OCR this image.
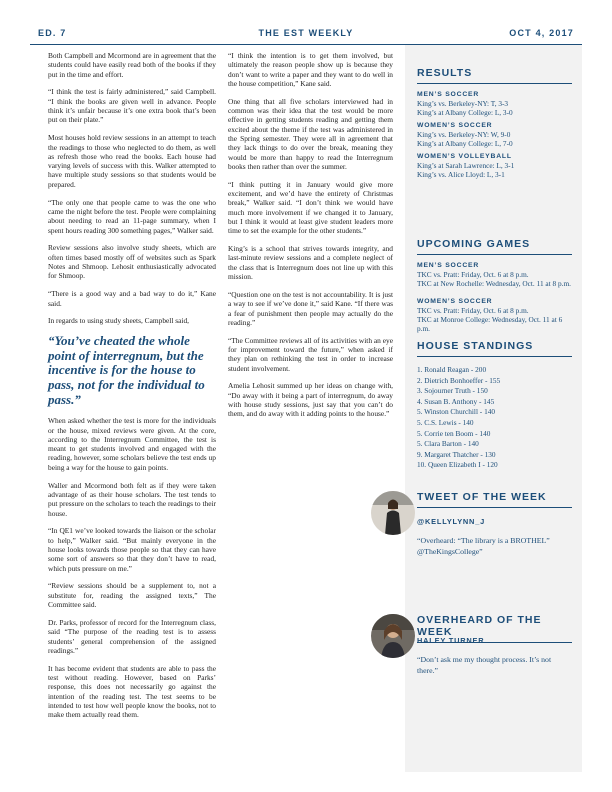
ED. 7	THE EST WEEKLY	OCT 4, 2017

Both Campbell and Mcormond are in agreement that the students could have easily read both of the books if they put in the time and effort.

“I think the test is fairly administered,” said Campbell. “I think the books are given well in advance. People think it’s unfair because it’s one extra book that’s been put on their plate.”

Most houses hold review sessions in an attempt to teach the readings to those who neglected to do them, as well as refresh those who read the books. Each house had varying levels of success with this. Walker attempted to have multiple study sessions so that students would be prepared.

“The only one that people came to was the one who came the night before the test. People were complaining about needing to read an 11-page summary, when I spent hours reading 300 something pages,” Walker said.

Review sessions also involve study sheets, which are often times based mostly off of websites such as Spark Notes and Shmoop. Lehosit enthusiastically advocated for Shmoop.

“There is a good way and a bad way to do it,” Kane said.

In regards to using study sheets, Campbell said,

“You’ve cheated the whole point of interregnum, but the incentive is for the house to pass, not for the individual to pass.”

When asked whether the test is more for the individuals or the house, mixed reviews were given. At the core, according to the Interregnum Committee, the test is meant to get students involved and engaged with the reading, however, some scholars believe the test ends up being a way for the house to gain points.

Waller and Mcormond both felt as if they were taken advantage of as their house scholars. The test tends to put pressure on the scholars to teach the readings to their house.

“In QE1 we’ve looked towards the liaison or the scholar to help,” Walker said. “But mainly everyone in the house looks towards those people so that they can have some sort of answers so that they don’t have to read, which puts pressure on me.”

“Review sessions should be a supplement to, not a substitute for, reading the assigned texts,” The Committee said.

Dr. Parks, professor of record for the Interregnum class, said “The purpose of the reading test is to assess students’ general comprehension of the assigned readings.”

It has become evident that students are able to pass the test without reading. However, based on Parks’ response, this does not necessarily go against the intention of the reading test. The test seems to be intended to test how well people know the books, not to make them actually read them.

“I think the intention is to get them involved, but ultimately the reason people show up is because they don’t want to write a paper and they want to do well in the house competition,” Kane said.

One thing that all five scholars interviewed had in common was their idea that the test would be more effective in getting students reading and getting them excited about the theme if the test was administered in the Spring semester. They were all in agreement that they lack things to do over the break, meaning they would be more than happy to read the Interregnum books then rather than over the summer.

“I think putting it in January would give more excitement, and we’d have the entirety of Christmas break,” Walker said. “I don’t think we would have much more involvement if we changed it to January, but I think it would at least give student leaders more time to set the example for the other students.”

King’s is a school that strives towards integrity, and last-minute review sessions and a complete neglect of the class that is Interregnum does not line up with this mission.

“Question one on the test is not accountability. It is just a way to see if we’ve done it,” said Kane. “If there was a fear of punishment then people may actually do the reading.”

“The Committee reviews all of its activities with an eye for improvement toward the future,” when asked if they plan on rethinking the test in order to increase student involvement.

Amelia Lehosit summed up her ideas on change with, “Do away with it being a part of interregnum, do away with house study sessions, just say that you can’t do them, and do away with it adding points to the house.”

RESULTS
MEN’S SOCCER
King’s vs. Berkeley-NY: T, 3-3
King’s at Albany College: L, 3-0
WOMEN’S SOCCER
King’s vs. Berkeley-NY: W, 9-0
King’s at Albany College: L, 7-0
WOMEN’S VOLLEYBALL
King’s at Sarah Lawrence: L, 3-1
King’s vs. Alice Lloyd: L, 3-1
UPCOMING GAMES
MEN’S SOCCER
TKC vs. Pratt: Friday, Oct. 6 at 8 p.m.
TKC at New Rochelle: Wednesday, Oct. 11 at 8 p.m.
WOMEN’S SOCCER
TKC vs. Pratt: Friday, Oct. 6 at 8 p.m.
TKC at Monroe College: Wednesday, Oct. 11 at 6 p.m.
HOUSE STANDINGS
1. Ronald Reagan - 200
2. Dietrich Bonhoeffer - 155
3. Sojourner Truth - 150
4. Susan B. Anthony - 145
5. Winston Churchill - 140
5. C.S. Lewis - 140
5. Corrie ten Boom - 140
5. Clara Barton - 140
9. Margaret Thatcher - 130
10. Queen Elizabeth I - 120
TWEET OF THE WEEK
@KELLYLYNN_J
“Overheard: “The library is a BROTHEL” @TheKingsCollege”
OVERHEARD OF THE WEEK
HALEY TURNER
“Don’t ask me my thought process. It’s not there.”
